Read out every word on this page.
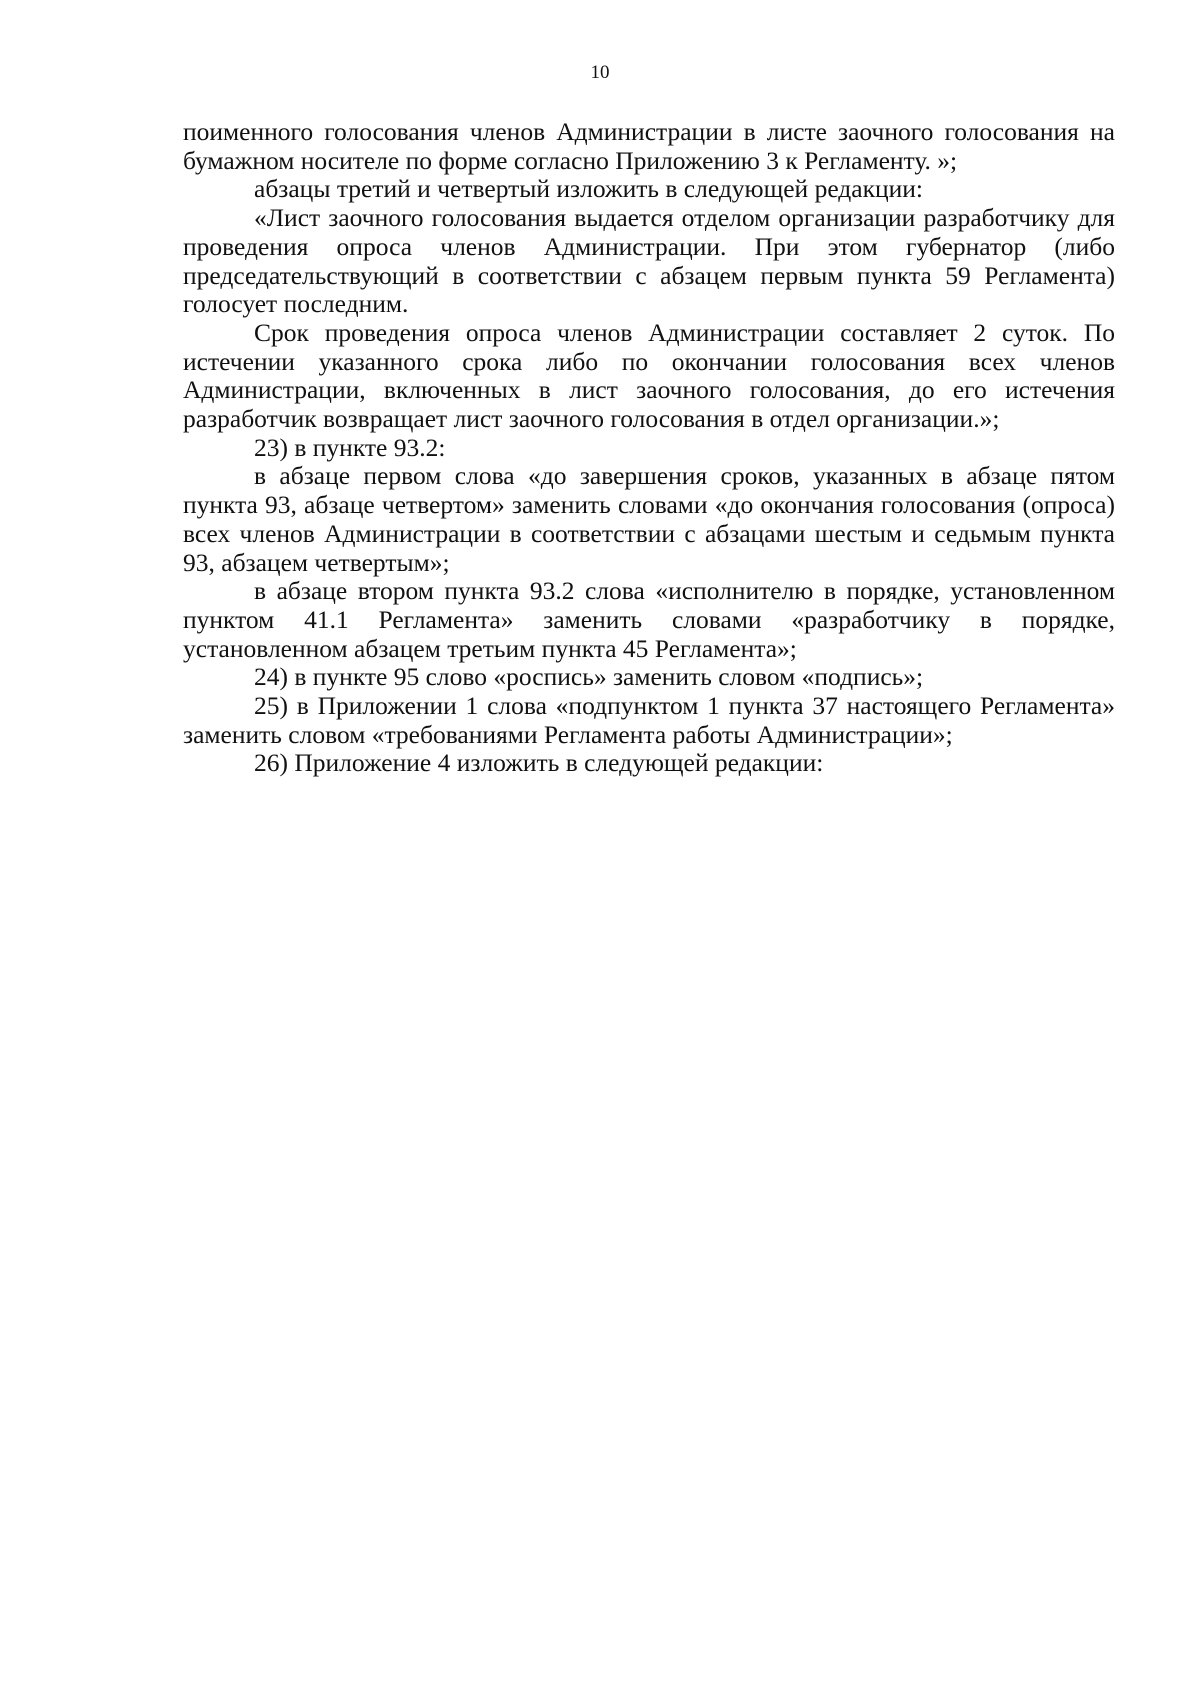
10

поименного голосования членов Администрации в листе заочного голосования на бумажном носителе по форме согласно Приложению 3 к Регламенту. »;

абзацы третий и четвертый изложить в следующей редакции:

«Лист заочного голосования выдается отделом организации разработчику для проведения опроса членов Администрации. При этом губернатор (либо председательствующий в соответствии с абзацем первым пункта 59 Регламента) голосует последним.

Срок проведения опроса членов Администрации составляет 2 суток. По истечении указанного срока либо по окончании голосования всех членов Администрации, включенных в лист заочного голосования, до его истечения разработчик возвращает лист заочного голосования в отдел организации.»;

23) в пункте 93.2:

в абзаце первом слова «до завершения сроков, указанных в абзаце пятом пункта 93, абзаце четвертом» заменить словами «до окончания голосования (опроса) всех членов Администрации в соответствии с абзацами шестым и седьмым пункта 93, абзацем четвертым»;

в абзаце втором пункта 93.2 слова «исполнителю в порядке, установленном пунктом 41.1 Регламента» заменить словами «разработчику в порядке, установленном абзацем третьим пункта 45 Регламента»;

24) в пункте 95 слово «роспись» заменить словом «подпись»;

25) в Приложении 1 слова «подпунктом 1 пункта 37 настоящего Регламента» заменить словом «требованиями Регламента работы Администрации»;

26) Приложение 4 изложить в следующей редакции:
